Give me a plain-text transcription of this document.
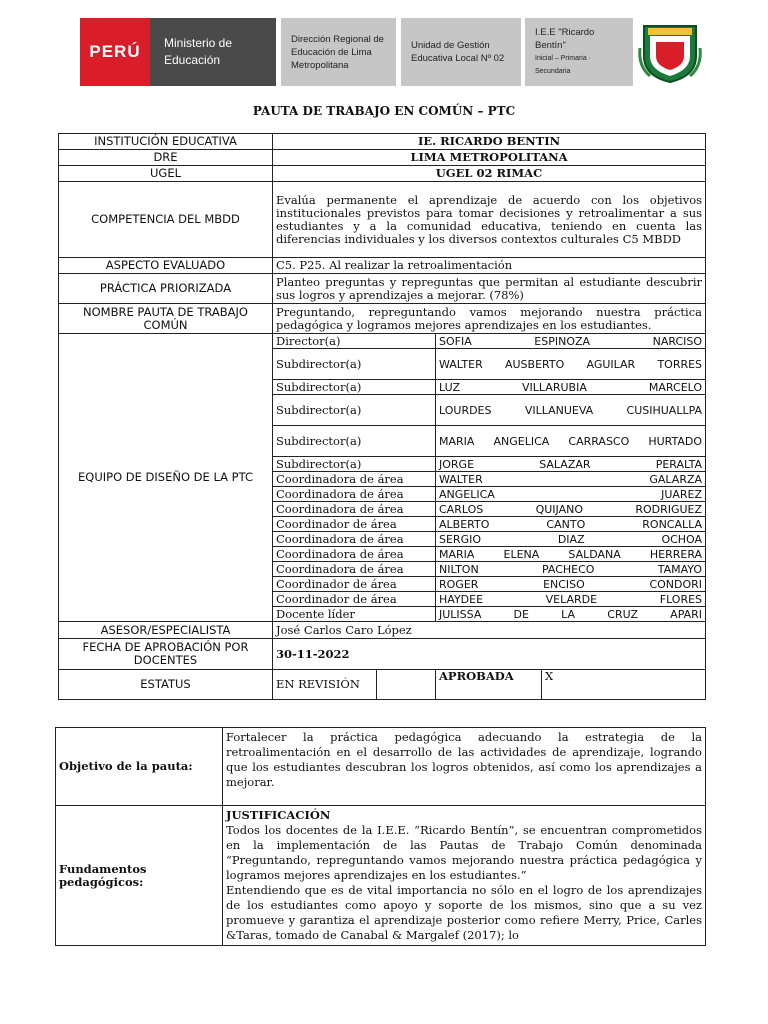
PERÚ	Ministerio de Educación
Dirección Regional de Educación de Lima Metropolitana
Unidad de Gestión Educativa Local Nº 02
I.E.E "Ricardo Bentín"
Inicial – Primaria · Secundaria
PAUTA DE TRABAJO EN COMÚN – PTC
INSTITUCIÓN EDUCATIVA	IE. RICARDO BENTIN			
DRE	LIMA METROPOLITANA			
UGEL	UGEL 02 RIMAC			
COMPETENCIA DEL MBDD	Evalúa permanente el aprendizaje de acuerdo con los objetivos institucionales previstos para tomar decisiones y retroalimentar a sus estudiantes y a la comunidad educativa, teniendo en cuenta las diferencias individuales y los diversos contextos culturales C5 MBDD			
ASPECTO EVALUADO	C5. P25. Al realizar la retroalimentación			
PRÁCTICA PRIORIZADA	Planteo preguntas y repreguntas que permitan al estudiante descubrir sus logros y aprendizajes a mejorar. (78%)			
NOMBRE PAUTA DE TRABAJO COMÚN	Preguntando, repreguntando vamos mejorando nuestra práctica pedagógica y logramos mejores aprendizajes en los estudiantes.			
EQUIPO DE DISEÑO DE LA PTC	Director(a)		SOFIA ESPINOZA NARCISO	
	Subdirector(a)		WALTER AUSBERTO AGUILAR TORRES	
	Subdirector(a)		LUZ VILLARUBIA MARCELO	
	Subdirector(a)		LOURDES VILLANUEVA CUSIHUALLPA	
	Subdirector(a)		MARIA ANGELICA CARRASCO HURTADO	
	Subdirector(a)		JORGE SALAZAR PERALTA	
	Coordinadora de área		WALTER GALARZA	
	Coordinadora de área		ANGELICA JUAREZ	
	Coordinadora de área		CARLOS QUIJANO RODRIGUEZ	
	Coordinador de área		ALBERTO CANTO RONCALLA	
	Coordinadora de área		SERGIO DIAZ OCHOA	
	Coordinadora de área		MARIA ELENA SALDANA HERRERA	
	Coordinadora de área		NILTON PACHECO TAMAYO	
	Coordinador de área		ROGER ENCISO CONDORI	
	Coordinador de área		HAYDEE VELARDE FLORES	
	Docente líder		JULISSA DE LA CRUZ APARI	
ASESOR/ESPECIALISTA	José Carlos Caro López			
FECHA DE APROBACIÓN POR DOCENTES	30-11-2022			
ESTATUS	EN REVISIÓN		APROBADA	X
Objetivo de la pauta:	Fortalecer la práctica pedagógica adecuando la estrategia de la retroalimentación en el desarrollo de las actividades de aprendizaje, logrando que los estudiantes descubran los logros obtenidos, así como los aprendizajes a mejorar.
Fundamentos pedagógicos:	JUSTIFICACIÓN
Todos los docentes de la I.E.E. “Ricardo Bentín”, se encuentran comprometidos en la implementación de las Pautas de Trabajo Común denominada “Preguntando, repreguntando vamos mejorando nuestra práctica pedagógica y logramos mejores aprendizajes en los estudiantes.”
Entendiendo que es de vital importancia no sólo en el logro de los aprendizajes de los estudiantes como apoyo y soporte de los mismos, sino que a su vez promueve y garantiza el aprendizaje posterior como refiere Merry, Price, Carles &Taras, tomado de Canabal & Margalef (2017); lo
